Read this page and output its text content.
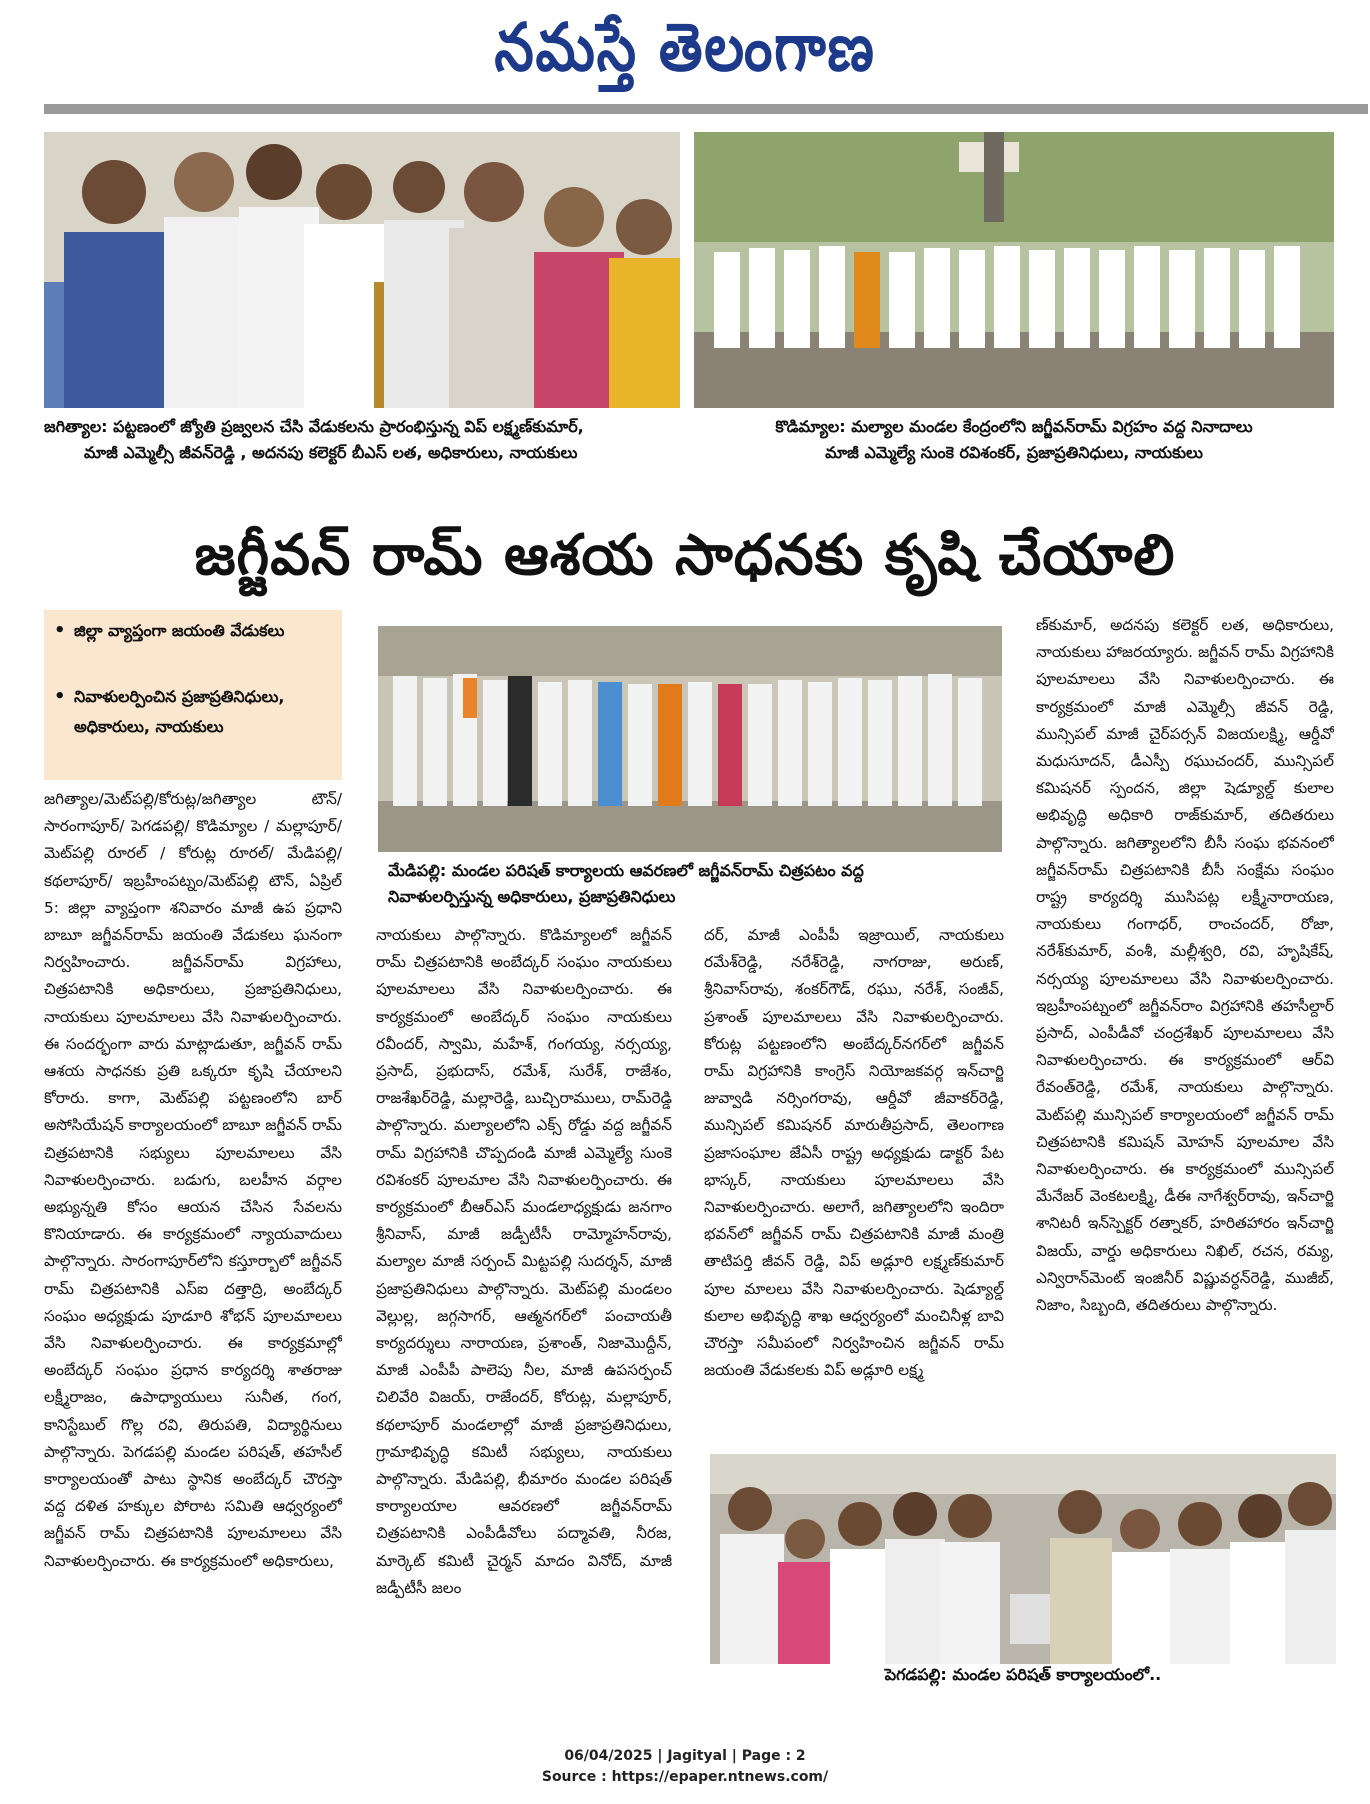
నమస్తే తెలంగాణ
జగిత్యాల: పట్టణంలో జ్యోతి ప్రజ్వలన చేసి వేడుకలను ప్రారంభిస్తున్న విప్ లక్ష్మణ్‌కుమార్,
మాజీ ఎమ్మెల్సీ జీవన్‌రెడ్డి , అదనపు కలెక్టర్ బీఎస్ లత, అధికారులు, నాయకులు
కొడిమ్యాల: మల్యాల మండల కేంద్రంలోని జగ్జీవన్‌రామ్ విగ్రహం వద్ద నినాదాలు
మాజీ ఎమ్మెల్యే సుంకె రవిశంకర్, ప్రజాప్రతినిధులు, నాయకులు
జగ్జీవన్ రామ్ ఆశయ సాధనకు కృషి చేయాలి
• జిల్లా వ్యాప్తంగా జయంతి వేడుకలు
• నివాళులర్పించిన ప్రజాప్రతినిధులు, అధికారులు, నాయకులు
మేడిపల్లి: మండల పరిషత్ కార్యాలయ ఆవరణలో జగ్జీవన్‌రామ్ చిత్రపటం వద్ద
నివాళులర్పిస్తున్న అధికారులు, ప్రజాప్రతినిధులు

జగిత్యాల/మెట్‌పల్లి/కోరుట్ల/జగిత్యాల టౌన్/ సారంగాపూర్/ పెగడపల్లి/ కొడిమ్యాల / మల్లాపూర్/ మెట్‌పల్లి రూరల్ / కోరుట్ల రూరల్/ మేడిపల్లి/ కథలాపూర్/ ఇబ్రహీంపట్నం/మెట్‌పల్లి టౌన్, ఏప్రిల్ 5: జిల్లా వ్యాప్తంగా శనివారం మాజీ ఉప ప్రధాని బాబూ జగ్జీవన్‌రామ్ జయంతి వేడుకలు ఘనంగా నిర్వహించారు. జగ్జీవన్‌రామ్ విగ్రహాలు, చిత్రపటానికి అధికారులు, ప్రజాప్రతినిధులు, నాయకులు పూలమాలలు వేసి నివాళులర్పించారు. ఈ సందర్భంగా వారు మాట్లాడుతూ, జగ్జీవన్ రామ్ ఆశయ సాధనకు ప్రతి ఒక్కరూ కృషి చేయాలని కోరారు. కాగా, మెట్‌పల్లి పట్టణంలోని బార్ అసోసియేషన్ కార్యాలయంలో బాబూ జగ్జీవన్ రామ్ చిత్రపటానికి సభ్యులు పూలమాలలు వేసి నివాళులర్పించారు. బడుగు, బలహీన వర్గాల అభ్యున్నతి కోసం ఆయన చేసిన సేవలను కొనియాడారు. ఈ కార్యక్రమంలో న్యాయవాదులు పాల్గొన్నారు. సారంగాపూర్‌లోని కస్తూర్బాలో జగ్జీవన్ రామ్ చిత్రపటానికి ఎస్‌ఐ దత్తాద్రి, అంబేద్కర్ సంఘం అధ్యక్షుడు పూడూరి శోభన్ పూలమాలలు వేసి నివాళులర్పించారు. ఈ కార్యక్రమాల్లో అంబేద్కర్ సంఘం ప్రధాన కార్యదర్శి శాతరాజు లక్ష్మీరాజం, ఉపాధ్యాయులు సునీత, గంగ, కానిస్టేబుల్ గొల్ల రవి, తిరుపతి, విద్యార్థినులు పాల్గొన్నారు. పెగడపల్లి మండల పరిషత్, తహసీల్ కార్యాలయంతో పాటు స్థానిక అంబేద్కర్ చౌరస్తా వద్ద దళిత హక్కుల పోరాట సమితి ఆధ్వర్యంలో జగ్జీవన్ రామ్ చిత్రపటానికి పూలమాలలు వేసి నివాళులర్పించారు. ఈ కార్యక్రమంలో అధికారులు,

నాయకులు పాల్గొన్నారు. కొడిమ్యాలలో జగ్జీవన్ రామ్ చిత్రపటానికి అంబేద్కర్ సంఘం నాయకులు పూలమాలలు వేసి నివాళులర్పించారు. ఈ కార్యక్రమంలో అంబేద్కర్ సంఘం నాయకులు రవీందర్, స్వామి, మహేశ్, గంగయ్య, నర్సయ్య, ప్రసాద్, ప్రభుదాస్, రమేశ్, సురేశ్, రాజేశం, రాజశేఖర్‌రెడ్డి, మల్లారెడ్డి, బుచ్చిరాములు, రామ్‌రెడ్డి పాల్గొన్నారు. మల్యాలలోని ఎక్స్ రోడ్డు వద్ద జగ్జీవన్ రామ్ విగ్రహానికి చొప్పదండి మాజీ ఎమ్మెల్యే సుంకె రవిశంకర్ పూలమాల వేసి నివాళులర్పించారు. ఈ కార్యక్రమంలో బీఆర్ఎస్ మండలాధ్యక్షుడు జనగాం శ్రీనివాస్, మాజీ జడ్పీటీసీ రామ్మోహన్‌రావు, మల్యాల మాజీ సర్పంచ్ మిట్టపల్లి సుదర్శన్, మాజీ ప్రజాప్రతినిధులు పాల్గొన్నారు. మెట్‌పల్లి మండలం వెల్లుల్ల, జగ్గసాగర్, ఆత్మనగర్‌లో పంచాయతీ కార్యదర్శులు నారాయణ, ప్రశాంత్, నిజామొద్దీన్, మాజీ ఎంపీపీ పాలెపు నీల, మాజీ ఉపసర్పంచ్ చిలివేరి విజయ్, రాజేందర్, కోరుట్ల, మల్లాపూర్, కథలాపూర్ మండలాల్లో మాజీ ప్రజాప్రతినిధులు, గ్రామాభివృద్ధి కమిటీ సభ్యులు, నాయకులు పాల్గొన్నారు. మేడిపల్లి, భీమారం మండల పరిషత్ కార్యాలయాల ఆవరణలో జగ్జీవన్‌రామ్ చిత్రపటానికి ఎంపీడీవోలు పద్మావతి, నీరజ, మార్కెట్ కమిటీ చైర్మన్ మాదం వినోద్, మాజీ జడ్పీటీసీ జలం

దర్, మాజీ ఎంపీపీ ఇజ్రాయిల్, నాయకులు రమేశ్‌రెడ్డి, నరేశ్‌రెడ్డి, నాగరాజు, అరుణ్, శ్రీనివాస్‌రావు, శంకర్‌గౌడ్, రఘు, నరేశ్, సంజీవ్, ప్రశాంత్ పూలమాలలు వేసి నివాళులర్పించారు. కోరుట్ల పట్టణంలోని అంబేద్కర్‌నగర్‌లో జగ్జీవన్ రామ్ విగ్రహానికి కాంగ్రెస్ నియోజకవర్గ ఇన్‌చార్జి జువ్వాడి నర్సింగరావు, ఆర్డీవో జీవాకర్‌రెడ్డి, మున్సిపల్ కమిషనర్ మారుతీప్రసాద్, తెలంగాణ ప్రజాసంఘాల జేఏసీ రాష్ట్ర అధ్యక్షుడు డాక్టర్ పేట భాస్కర్, నాయకులు పూలమాలలు వేసి నివాళులర్పించారు. అలాగే, జగిత్యాలలోని ఇందిరా భవన్‌లో జగ్జీవన్ రామ్ చిత్రపటానికి మాజీ మంత్రి తాటిపర్తి జీవన్ రెడ్డి, విప్ అడ్లూరి లక్ష్మణ్‌కుమార్ పూల మాలలు వేసి నివాళులర్పించారు. షెడ్యూల్డ్ కులాల అభివృద్ధి శాఖ ఆధ్వర్యంలో మంచినీళ్ల బావి చౌరస్తా సమీపంలో నిర్వహించిన జగ్జీవన్ రామ్ జయంతి వేడుకలకు విప్ అడ్లూరి లక్ష్మ

ణ్‌కుమార్, అదనపు కలెక్టర్ లత, అధికారులు, నాయకులు హాజరయ్యారు. జగ్జీవన్ రామ్ విగ్రహానికి పూలమాలలు వేసి నివాళులర్పించారు. ఈ కార్యక్రమంలో మాజీ ఎమ్మెల్సీ జీవన్ రెడ్డి, మున్సిపల్ మాజీ చైర్‌పర్సన్ విజయలక్ష్మి, ఆర్డీవో మధుసూదన్, డీఎస్పీ రఘుచందర్, మున్సిపల్ కమిషనర్ స్పందన, జిల్లా షెడ్యూల్డ్ కులాల అభివృద్ధి అధికారి రాజ్‌కుమార్, తదితరులు పాల్గొన్నారు. జగిత్యాలలోని బీసీ సంఘ భవనంలో జగ్జీవన్‌రామ్ చిత్రపటానికి బీసీ సంక్షేమ సంఘం రాష్ట్ర కార్యదర్శి ముసిపట్ల లక్ష్మీనారాయణ, నాయకులు గంగాధర్, రాంచందర్, రోజా, నరేశ్‌కుమార్, వంశీ, మల్లీశ్వరి, రవి, హృషికేష్, నర్సయ్య పూలమాలలు వేసి నివాళులర్పించారు. ఇబ్రహీంపట్నంలో జగ్జీవన్‌రాం విగ్రహానికి తహసీల్దార్ ప్రసాద్, ఎంపీడీవో చంద్రశేఖర్ పూలమాలలు వేసి నివాళులర్పించారు. ఈ కార్యక్రమంలో ఆర్‌వి రేవంత్‌రెడ్డి, రమేశ్, నాయకులు పాల్గొన్నారు. మెట్‌పల్లి మున్సిపల్ కార్యాలయంలో జగ్జీవన్ రామ్ చిత్రపటానికి కమిషన్ మోహన్ పూలమాల వేసి నివాళులర్పించారు. ఈ కార్యక్రమంలో మున్సిపల్ మేనేజర్ వెంకటలక్ష్మి, డీఈ నాగేశ్వర్‌రావు, ఇన్‌చార్జి శానిటరీ ఇన్‌స్పెక్టర్ రత్నాకర్, హరితహారం ఇన్‌చార్జి విజయ్, వార్డు అధికారులు నిఖిల్, రచన, రమ్య, ఎన్విరాన్‌మెంట్ ఇంజినీర్ విష్ణువర్ధన్‌రెడ్డి, ముజీబ్, నిజాం, సిబ్బంది, తదితరులు పాల్గొన్నారు.

పెగడపల్లి: మండల పరిషత్ కార్యాలయంలో..
06/04/2025 | Jagityal | Page : 2
Source : https://epaper.ntnews.com/
